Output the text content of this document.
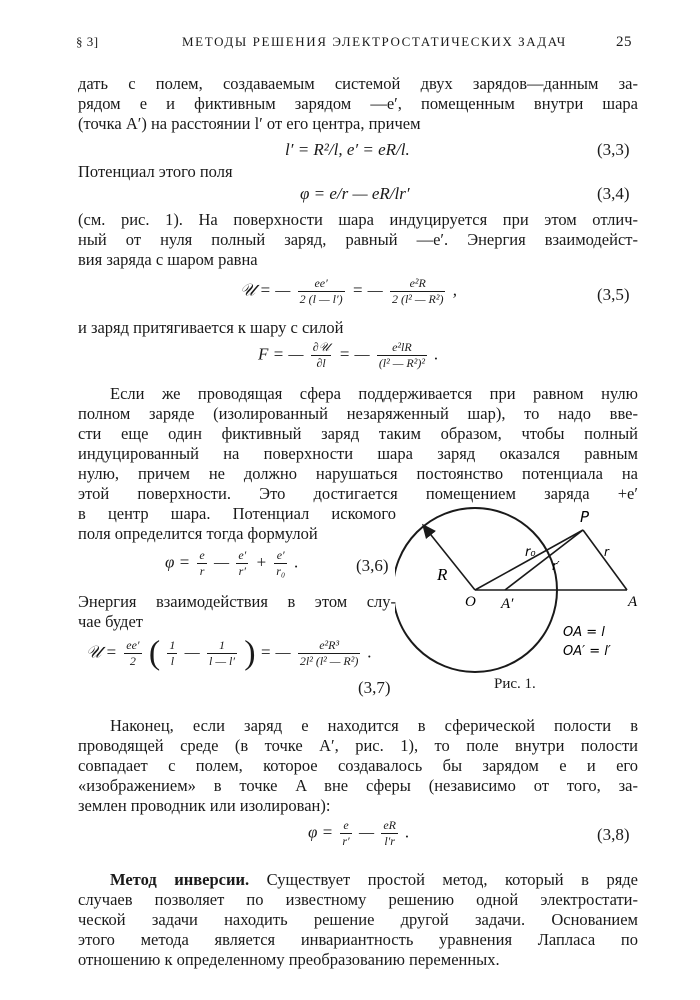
§ 3]	МЕТОДЫ РЕШЕНИЯ ЭЛЕКТРОСТАТИЧЕСКИХ ЗАДАЧ	25
дать с полем, создаваемым системой двух зарядов—данным за-
рядом e и фиктивным зарядом —e′, помещенным внутри шара
(точка A′) на расстоянии l′ от его центра, причем
l′ = R²/l, e′ = eR/l.	(3,3)
Потенциал этого поля
φ = e/r — eR/lr′	(3,4)
(см. рис. 1). На поверхности шара индуцируется при этом отлич-
ный от нуля полный заряд, равный —e′. Энергия взаимодейст-
вия заряда с шаром равна
𝒰 = — $\frac{ee'}{2 (l — l')}$ = — $\frac{\text{e²R}}{\text{2 (l² — R²)}}$ ,	(3,5)
и заряд притягивается к шару с силой
F = — $\frac{\text{∂𝒰}}{\partial l}$ = — $\frac{\text{e²lR}}{\text{(l² — R²)²}}$ .
Если же проводящая сфера поддерживается при равном нулю
полном заряде (изолированный незаряженный шар), то надо вве-
сти еще один фиктивный заряд таким образом, чтобы полный
индуцированный на поверхности шара заряд оказался равным
нулю, причем не должно нарушаться постоянство потенциала на
этой поверхности. Это достигается помещением заряда +e′
в центр шара. Потенциал искомого
поля определится тогда формулой
$\varphi = \frac{e}{r}$ — $\frac{e'}{r'} + \frac{e'}{\text{r₀}}$ .	(3,6)
Энергия взаимодействия в этом слу-
чае будет
𝒰 = $\frac{ee'}{2}$ ( $\frac{1}{l}$ — $\frac{1}{l — l'}$ ) = — $\frac{\text{e²R³}}{\text{2l² (l² — R²)}}$ .
(3,7)
R
O A′	A
P
r₀
r′
r
OA = l
OA′ = l′
Рис. 1.
Наконец, если заряд e находится в сферической полости в
проводящей среде (в точке A′, рис. 1), то поле внутри полости
совпадает с полем, которое создавалось бы зарядом e и его
«изображением» в точке A вне сферы (независимо от того, за-
землен проводник или изолирован):
$\varphi = \frac{e}{r'}$ — $\frac{eR}{l'r}$ .	(3,8)
Метод инверсии. Существует простой метод, который в ряде
случаев позволяет по известному решению одной электростати-
ческой задачи находить решение другой задачи. Основанием
этого метода является инвариантность уравнения Лапласа по
отношению к определенному преобразованию переменных.
